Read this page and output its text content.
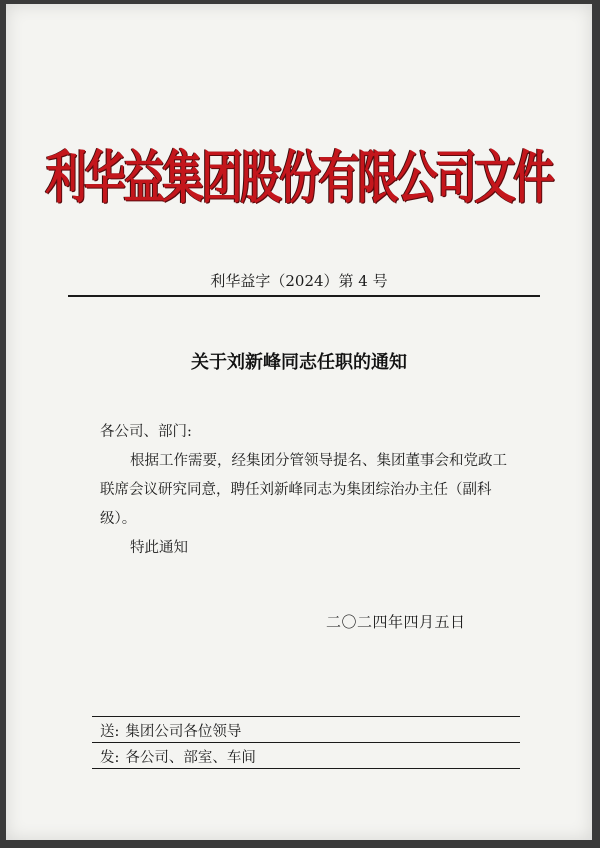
利华益集团股份有限公司文件
利华益字（2024）第 4 号
关于刘新峰同志任职的通知

各公司、部门:

根据工作需要，经集团分管领导提名、集团董事会和党政工联席会议研究同意，聘任刘新峰同志为集团综治办主任（副科级）。

特此通知

二〇二四年四月五日
送: 集团公司各位领导
发: 各公司、部室、车间
